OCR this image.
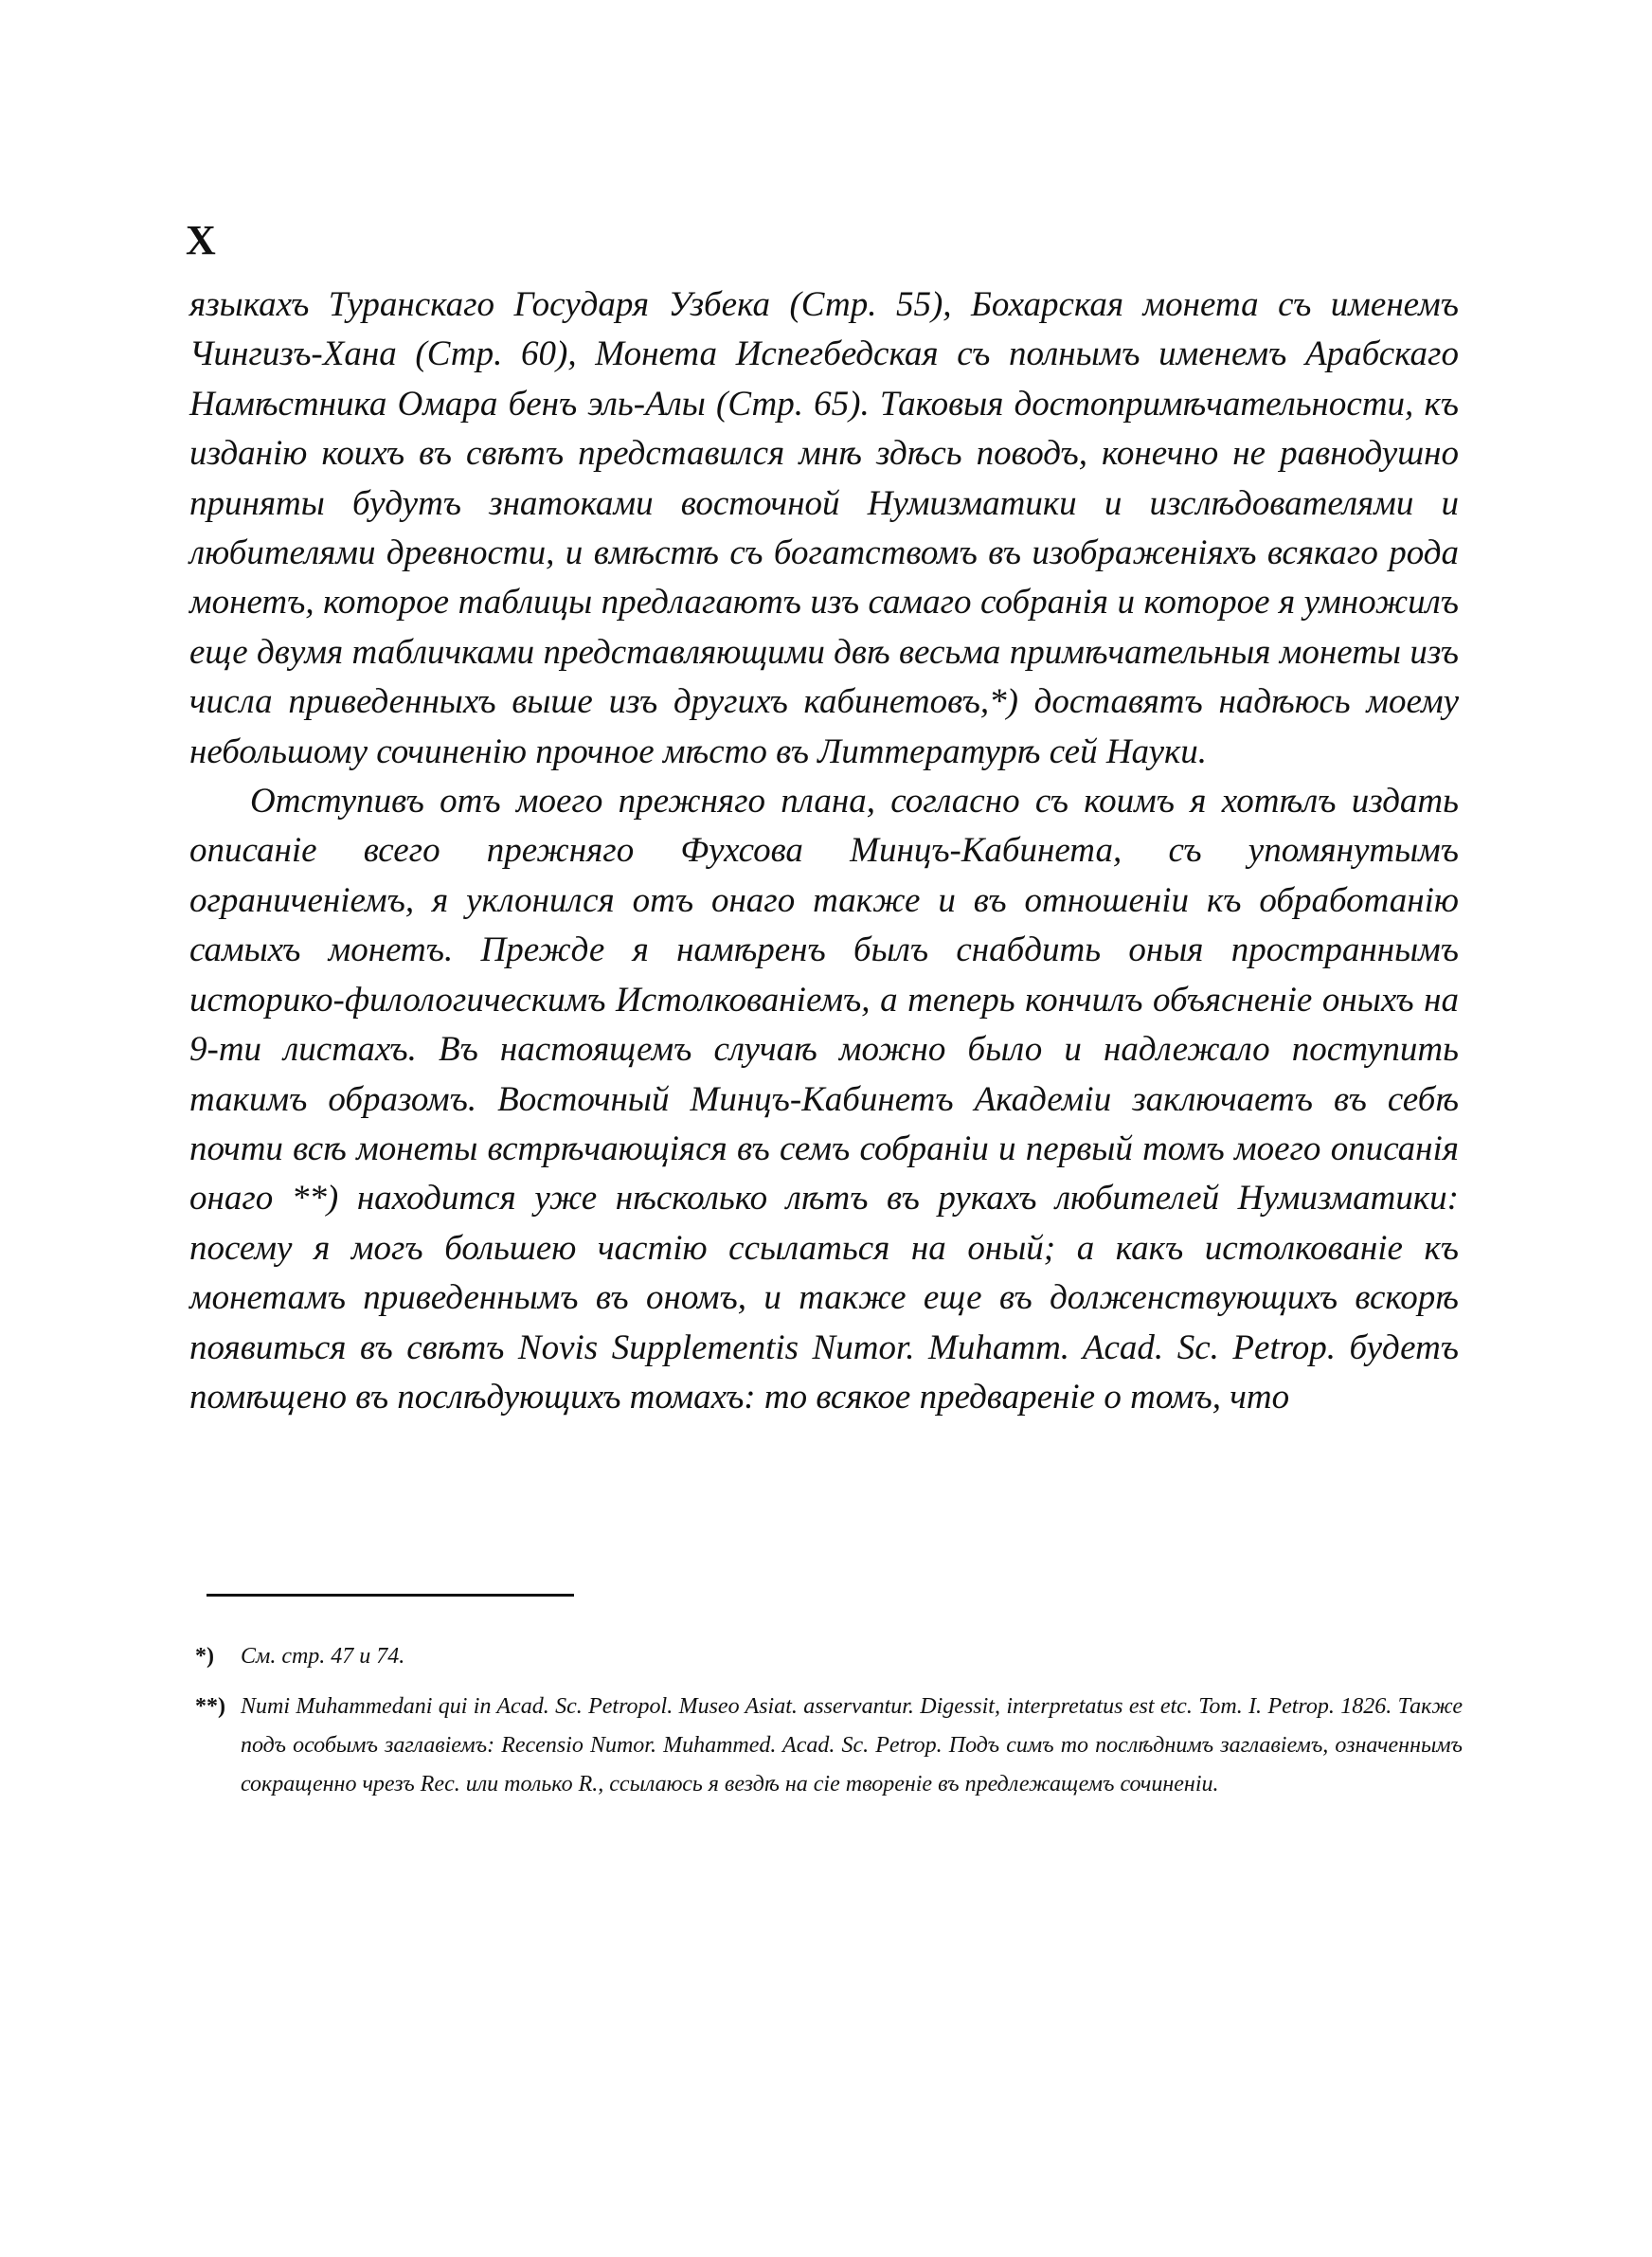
X

языкахъ Туранскаго Государя Узбека (Стр. 55), Бохарская монета съ именемъ Чингизъ-Хана (Стр. 60), Монета Испегбедская съ полнымъ именемъ Арабскаго Намѣстника Омара бенъ эль-Алы (Стр. 65). Таковыя достопримѣчательности, къ изданію коихъ въ свѣтъ представился мнѣ здѣсь поводъ, конечно не равнодушно приняты будутъ знатоками восточной Нумизматики и изслѣдователями и любителями древности, и вмѣстѣ съ богатствомъ въ изображеніяхъ всякаго рода монетъ, которое таблицы предлагаютъ изъ самаго собранія и которое я умножилъ еще двумя табличками представляющими двѣ весьма примѣчательныя монеты изъ числа приведенныхъ выше изъ другихъ кабинетовъ,*) доставятъ надѣюсь моему небольшому сочиненію прочное мѣсто въ Литтературѣ сей Науки.

Отступивъ отъ моего прежняго плана, согласно съ коимъ я хотѣлъ издать описаніе всего прежняго Фухсова Минцъ-Кабинета, съ упомянутымъ ограниченіемъ, я уклонился отъ онаго также и въ отношеніи къ обработанію самыхъ монетъ. Прежде я намѣренъ былъ снабдить оныя пространнымъ историко-филологическимъ Истолкованіемъ, а теперь кончилъ объясненіе оныхъ на 9-ти листахъ. Въ настоящемъ случаѣ можно было и надлежало поступить такимъ образомъ. Восточный Минцъ-Кабинетъ Академіи заключаетъ въ себѣ почти всѣ монеты встрѣчающіяся въ семъ собраніи и первый томъ моего описанія онаго **) находится уже нѣсколько лѣтъ въ рукахъ любителей Нумизматики: посему я могъ большею частію ссылаться на оный; а какъ истолкованіе къ монетамъ приведеннымъ въ ономъ, и также еще въ долженствующихъ вскорѣ появиться въ свѣтъ Novis Supplementis Numor. Muhamm. Acad. Sc. Petrop. будетъ помѣщено въ послѣдующихъ томахъ: то всякое предвареніе о томъ, что

*)	См. стр. 47 и 74.
**) Numi Muhammedani qui in Acad. Sc. Petropol. Museo Asiat. asservantur. Digessit, interpretatus est etc. Tom. I. Petrop. 1826. Также подъ особымъ заглавіемъ: Recensio Numor. Muhammed. Acad. Sc. Petrop. Подъ симъ то послѣднимъ заглавіемъ, означеннымъ сокращенно чрезъ Rec. или только R., ссылаюсь я вездѣ на сіе твореніе въ предлежащемъ сочиненіи.
